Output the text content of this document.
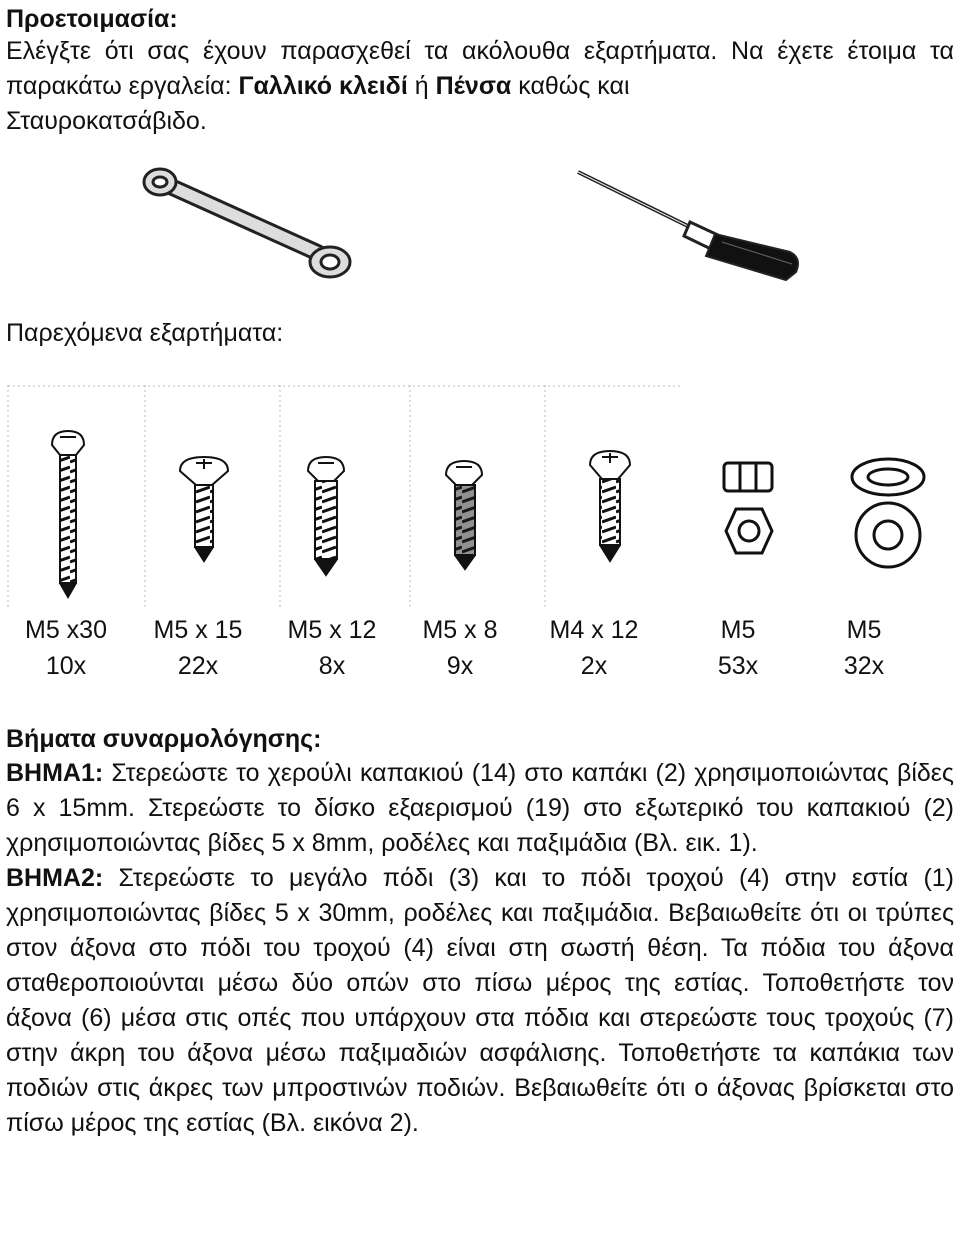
Προετοιμασία:

Ελέγξτε ότι σας έχουν παρασχεθεί τα ακόλουθα εξαρτήματα. Να έχετε έτοιμα τα παρακάτω εργαλεία: Γαλλικό κλειδί ή Πένσα καθώς και
Σταυροκατσάβιδο.

Παρεχόμενα εξαρτήματα:

M5 x30
10x
M5 x 15
22x
M5 x 12
8x
M5 x 8
9x
M4 x 12
2x
M5
53x
M5
32x

Βήματα συναρμολόγησης:

ΒΗΜΑ1: Στερεώστε το χερούλι καπακιού (14) στο καπάκι (2) χρησιμοποιώντας βίδες 6 x 15mm. Στερεώστε το δίσκο εξαερισμού (19) στο εξωτερικό του καπακιού (2) χρησιμοποιώντας βίδες 5 x 8mm, ροδέλες και παξιμάδια (Βλ. εικ. 1).
ΒΗΜΑ2: Στερεώστε το μεγάλο πόδι (3) και το πόδι τροχού (4) στην εστία (1) χρησιμοποιώντας βίδες 5 x 30mm, ροδέλες και παξιμάδια. Βεβαιωθείτε ότι οι τρύπες στον άξονα στο πόδι του τροχού (4) είναι στη σωστή θέση. Τα πόδια του άξονα σταθεροποιούνται μέσω δύο οπών στο πίσω μέρος της εστίας. Τοποθετήστε τον άξονα (6) μέσα στις οπές που υπάρχουν στα πόδια και στερεώστε τους τροχούς (7) στην άκρη του άξονα μέσω παξιμαδιών ασφάλισης. Τοποθετήστε τα καπάκια των ποδιών στις άκρες των μπροστινών ποδιών. Βεβαιωθείτε ότι ο άξονας βρίσκεται στο πίσω μέρος της εστίας (Βλ. εικόνα 2).
